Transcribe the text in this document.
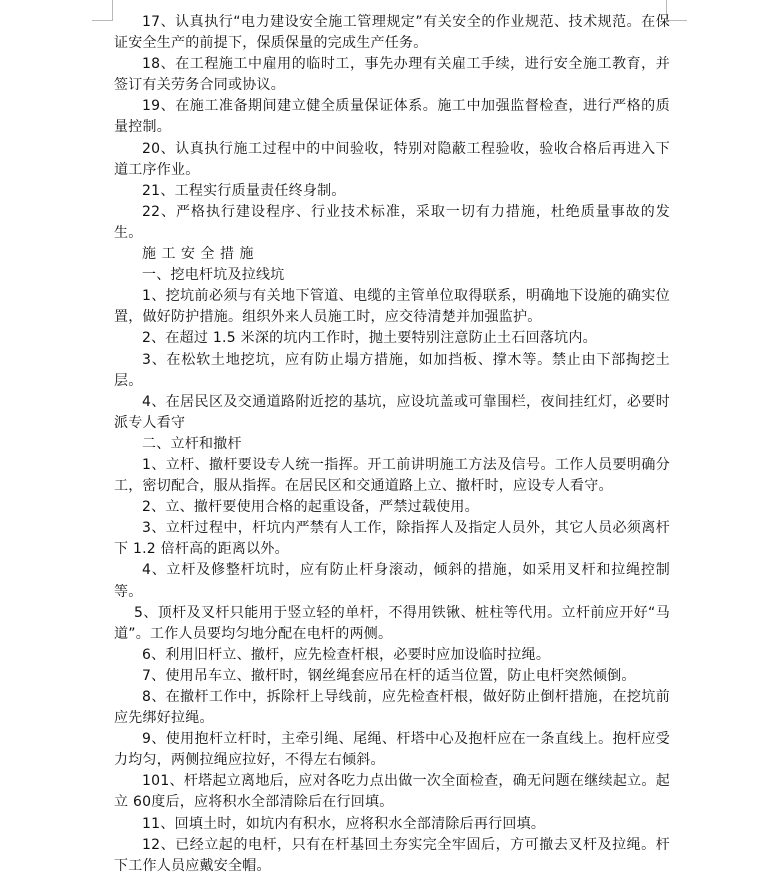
17、认真执行“电力建设安全施工管理规定”有关安全的作业规范、技术规范。在保证安全生产的前提下，保质保量的完成生产任务。

18、在工程施工中雇用的临时工，事先办理有关雇工手续，进行安全施工教育，并签订有关劳务合同或协议。

19、在施工准备期间建立健全质量保证体系。施工中加强监督检查，进行严格的质量控制。

20、认真执行施工过程中的中间验收，特别对隐蔽工程验收，验收合格后再进入下道工序作业。

21、工程实行质量责任终身制。

22、严格执行建设程序、行业技术标准，采取一切有力措施，杜绝质量事故的发生。

施工安全措施

一、挖电杆坑及拉线坑

1、挖坑前必须与有关地下管道、电缆的主管单位取得联系，明确地下设施的确实位置，做好防护措施。组织外来人员施工时，应交待清楚并加强监护。

2、在超过 1.5 米深的坑内工作时，抛土要特别注意防止土石回落坑内。

3、在松软土地挖坑，应有防止塌方措施，如加挡板、撑木等。禁止由下部掏挖土层。

4、在居民区及交通道路附近挖的基坑，应设坑盖或可靠围栏，夜间挂红灯，必要时派专人看守

二、立杆和撤杆

1、立杆、撤杆要设专人统一指挥。开工前讲明施工方法及信号。工作人员要明确分工，密切配合，服从指挥。在居民区和交通道路上立、撤杆时，应设专人看守。

2、立、撤杆要使用合格的起重设备，严禁过载使用。

3、立杆过程中，杆坑内严禁有人工作，除指挥人及指定人员外，其它人员必须离杆下 1.2 倍杆高的距离以外。

4、立杆及修整杆坑时，应有防止杆身滚动，倾斜的措施，如采用叉杆和拉绳控制等。

5、顶杆及叉杆只能用于竖立轻的单杆，不得用铁锹、桩柱等代用。立杆前应开好“马道”。工作人员要均匀地分配在电杆的两侧。

6、利用旧杆立、撤杆，应先检查杆根，必要时应加设临时拉绳。

7、使用吊车立、撤杆时，钢丝绳套应吊在杆的适当位置，防止电杆突然倾倒。

8、在撤杆工作中，拆除杆上导线前，应先检查杆根，做好防止倒杆措施，在挖坑前应先绑好拉绳。

9、使用抱杆立杆时，主牵引绳、尾绳、杆塔中心及抱杆应在一条直线上。抱杆应受力均匀，两侧拉绳应拉好，不得左右倾斜。

101、杆塔起立离地后，应对各吃力点出做一次全面检查，确无问题在继续起立。起立 60度后，应将积水全部清除后在行回填。

11、回填土时，如坑内有积水，应将积水全部清除后再行回填。

12、已经立起的电杆，只有在杆基回土夯实完全牢固后，方可撤去叉杆及拉绳。杆下工作人员应戴安全帽。
